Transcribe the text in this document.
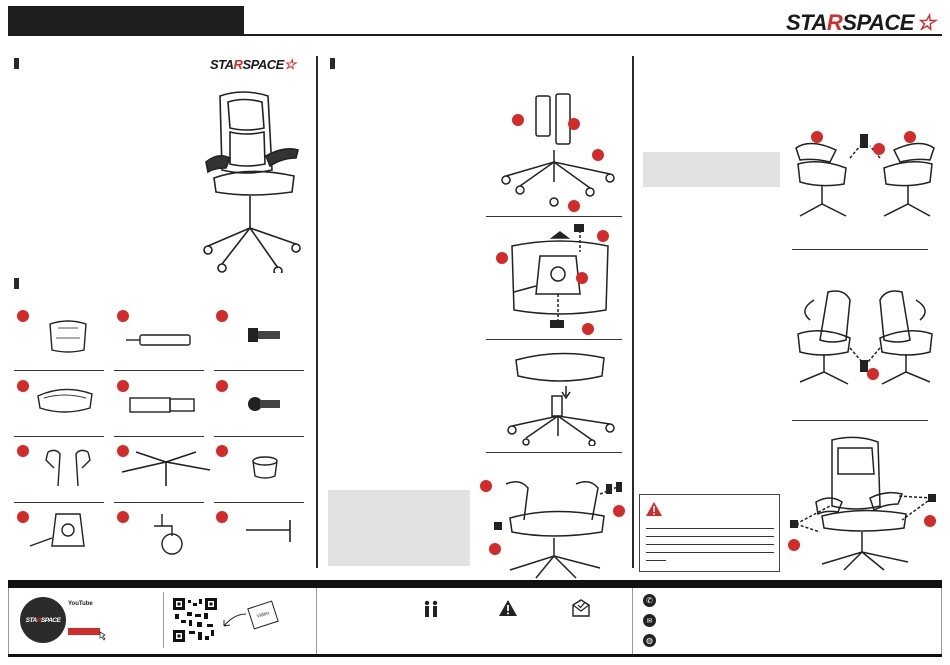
STA R SPACE ☆
STA R SPACE ☆
STA R SPACE
YouTube
Video
✆
✉
◍
